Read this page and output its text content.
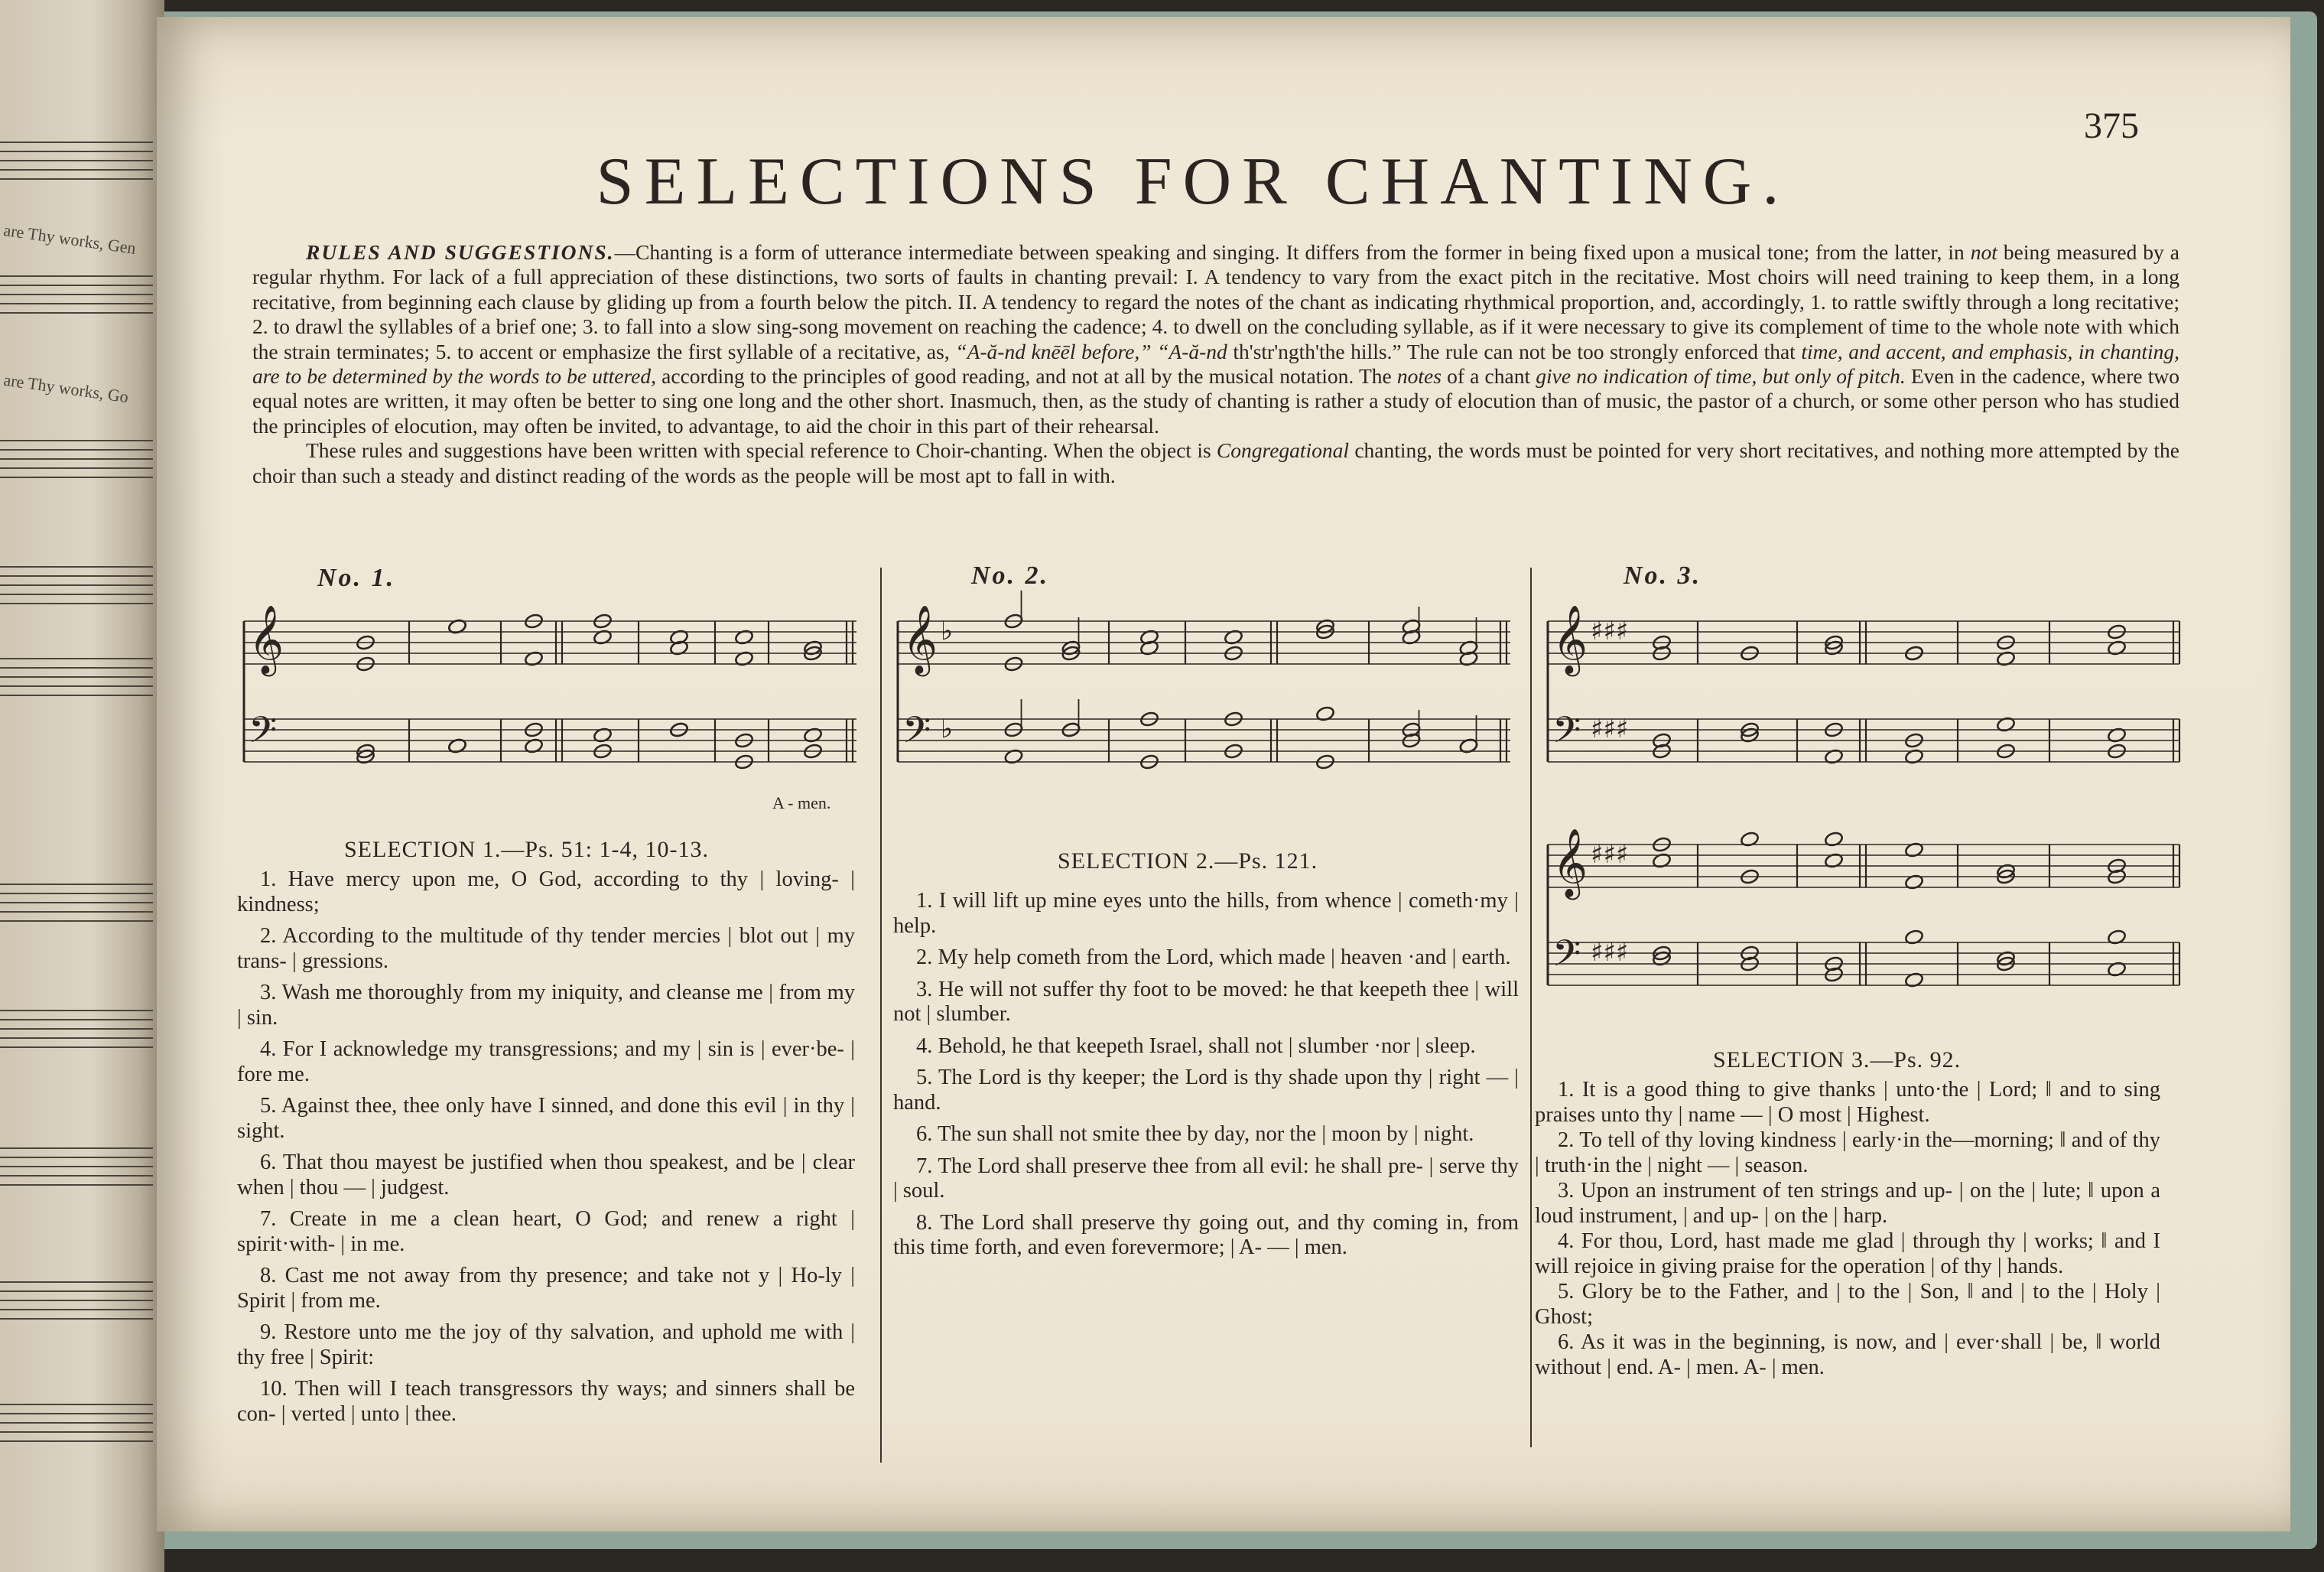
are Thy works, Gen
are Thy works, Go
375
SELECTIONS FOR CHANTING.

RULES AND SUGGESTIONS.—Chanting is a form of utterance intermediate between speaking and singing. It differs from the former in being fixed upon a musical tone; from the latter, in not being measured by a regular rhythm. For lack of a full appreciation of these distinctions, two sorts of faults in chanting prevail: I. A tendency to vary from the exact pitch in the recitative. Most choirs will need training to keep them, in a long recitative, from beginning each clause by gliding up from a fourth below the pitch. II. A tendency to regard the notes of the chant as indicating rhythmical proportion, and, accordingly, 1. to rattle swiftly through a long recitative; 2. to drawl the syllables of a brief one; 3. to fall into a slow sing-song movement on reaching the cadence; 4. to dwell on the concluding syllable, as if it were necessary to give its complement of time to the whole note with which the strain terminates; 5. to accent or emphasize the first syllable of a recitative, as, “A-ă-nd knēēl before,” “A-ă-nd th'str'ngth'the hills.” The rule can not be too strongly enforced that time, and accent, and emphasis, in chanting, are to be determined by the words to be uttered, according to the principles of good reading, and not at all by the musical notation. The notes of a chant give no indication of time, but only of pitch. Even in the cadence, where two equal notes are written, it may often be better to sing one long and the other short. Inasmuch, then, as the study of chanting is rather a study of elocution than of music, the pastor of a church, or some other person who has studied the principles of elocution, may often be invited, to advantage, to aid the choir in this part of their rehearsal.

These rules and suggestions have been written with special reference to Choir-chanting. When the object is Congregational chanting, the words must be pointed for very short recitatives, and nothing more attempted by the choir than such a steady and distinct reading of the words as the people will be most apt to fall in with.

No. 1.	No. 2.	No. 3.
𝄞
𝄢
A - men.
𝄞 ♭
𝄢 ♭
𝄞 ♯♯♯
𝄢 ♯♯♯
𝄞 ♯♯♯
𝄢 ♯♯♯
SELECTION 1.—Ps. 51: 1-4, 10-13.

1. Have mercy upon me, O God, according to thy | loving- | kindness;

2. According to the multitude of thy tender mercies | blot out | my trans- | gressions.

3. Wash me thoroughly from my iniquity, and cleanse me | from my | sin.

4. For I acknowledge my transgressions; and my | sin is | ever·be- | fore me.

5. Against thee, thee only have I sinned, and done this evil | in thy | sight.

6. That thou mayest be justified when thou speakest, and be | clear when | thou — | judgest.

7. Create in me a clean heart, O God; and renew a right | spirit·with- | in me.

8. Cast me not away from thy presence; and take not y | Ho-ly | Spirit | from me.

9. Restore unto me the joy of thy salvation, and uphold me with | thy free | Spirit:

10. Then will I teach transgressors thy ways; and sinners shall be con- | verted | unto | thee.

SELECTION 2.—Ps. 121.

1. I will lift up mine eyes unto the hills, from whence | cometh·my | help.

2. My help cometh from the Lord, which made | heaven ·and | earth.

3. He will not suffer thy foot to be moved: he that keepeth thee | will not | slumber.

4. Behold, he that keepeth Israel, shall not | slumber ·nor | sleep.

5. The Lord is thy keeper; the Lord is thy shade upon thy | right — | hand.

6. The sun shall not smite thee by day, nor the | moon by | night.

7. The Lord shall preserve thee from all evil: he shall pre- | serve thy | soul.

8. The Lord shall preserve thy going out, and thy coming in, from this time forth, and even forevermore; | A- — | men.

SELECTION 3.—Ps. 92.

1. It is a good thing to give thanks | unto·the | Lord; ‖ and to sing praises unto thy | name — | O most | Highest.

2. To tell of thy loving kindness | early·in the—morning; ‖ and of thy | truth·in the | night — | season.

3. Upon an instrument of ten strings and up- | on the | lute; ‖ upon a loud instrument, | and up- | on the | harp.

4. For thou, Lord, hast made me glad | through thy | works; ‖ and I will rejoice in giving praise for the operation | of thy | hands.

5. Glory be to the Father, and | to the | Son, ‖ and | to the | Holy | Ghost;

6. As it was in the beginning, is now, and | ever·shall | be, ‖ world without | end. A- | men. A- | men.
